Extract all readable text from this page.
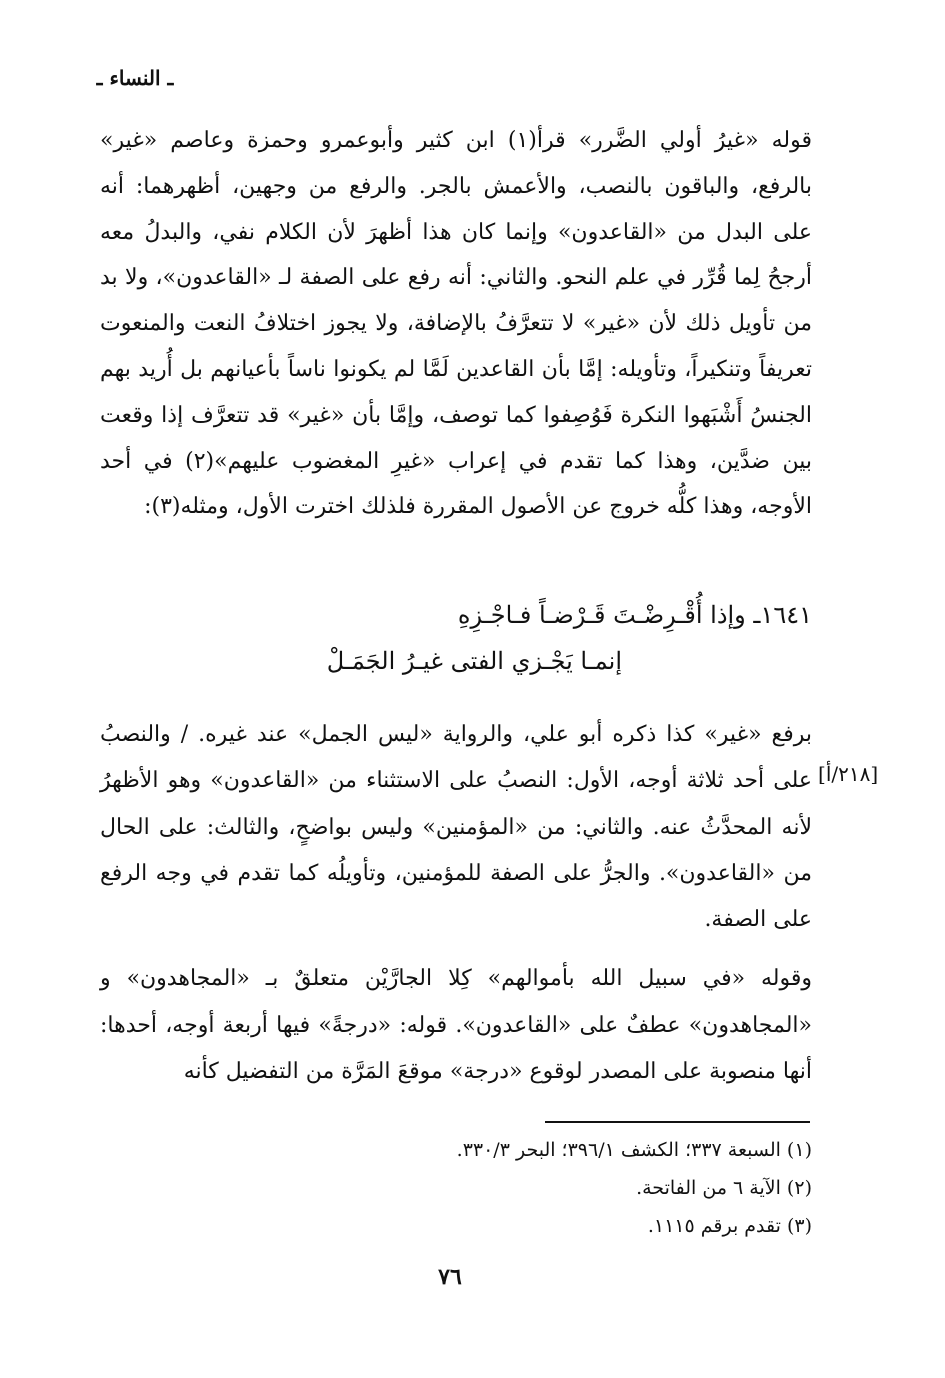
ـ النساء ـ

قوله «غيرُ أولي الضَّرر» قرأ(١) ابن كثير وأبوعمرو وحمزة وعاصم «غير» بالرفع، والباقون بالنصب، والأعمش بالجر. والرفع من وجهين، أظهرهما: أنه على البدل من «القاعدون» وإنما كان هذا أظهرَ لأن الكلام نفي، والبدلُ معه أرجحُ لِما قُرِّر في علم النحو. والثاني: أنه رفع على الصفة لـ «القاعدون»، ولا بد من تأويل ذلك لأن «غير» لا تتعرَّفُ بالإضافة، ولا يجوز اختلافُ النعت والمنعوت تعريفاً وتنكيراً، وتأويله: إمَّا بأن القاعدين لَمَّا لم يكونوا ناساً بأعيانهم بل أُريد بهم الجنسُ أَشْبَهوا النكرة فَوُصِفوا كما توصف، وإمَّا بأن «غير» قد تتعرَّف إذا وقعت بين ضدَّين، وهذا كما تقدم في إعراب «غيرِ المغضوب عليهم»(٢) في أحد الأوجه، وهذا كلُّه خروج عن الأصول المقررة فلذلك اخترت الأول، ومثله(٣):

١٦٤١ـ وإذا أُقْـرِضْـتَ قَـرْضـاً فـاجْـزِهِ
إنمـا يَجْـزي الفتى غيـرُ الجَمَـلْ
[٢١٨/أ]

برفع «غير» كذا ذكره أبو علي، والرواية «ليس الجمل» عند غيره. / والنصبُ على أحد ثلاثة أوجه، الأول: النصبُ على الاستثناء من «القاعدون» وهو الأظهرُ لأنه المحدَّثُ عنه. والثاني: من «المؤمنين» وليس بواضحٍ، والثالث: على الحال من «القاعدون». والجرُّ على الصفة للمؤمنين، وتأويلُه كما تقدم في وجه الرفع على الصفة.

وقوله «في سبيل الله بأموالهم» كِلا الجارَّيْن متعلقٌ بـ «المجاهدون» و «المجاهدون» عطفٌ على «القاعدون». قوله: «درجةً» فيها أربعة أوجه، أحدها: أنها منصوبة على المصدر لوقوع «درجة» موقعَ المَرَّة من التفضيل كأنه

(١) السبعة ٣٣٧؛ الكشف ٣٩٦/١؛ البحر ٣٣٠/٣.
(٢) الآية ٦ من الفاتحة.
(٣) تقدم برقم ١١١٥.
٧٦
